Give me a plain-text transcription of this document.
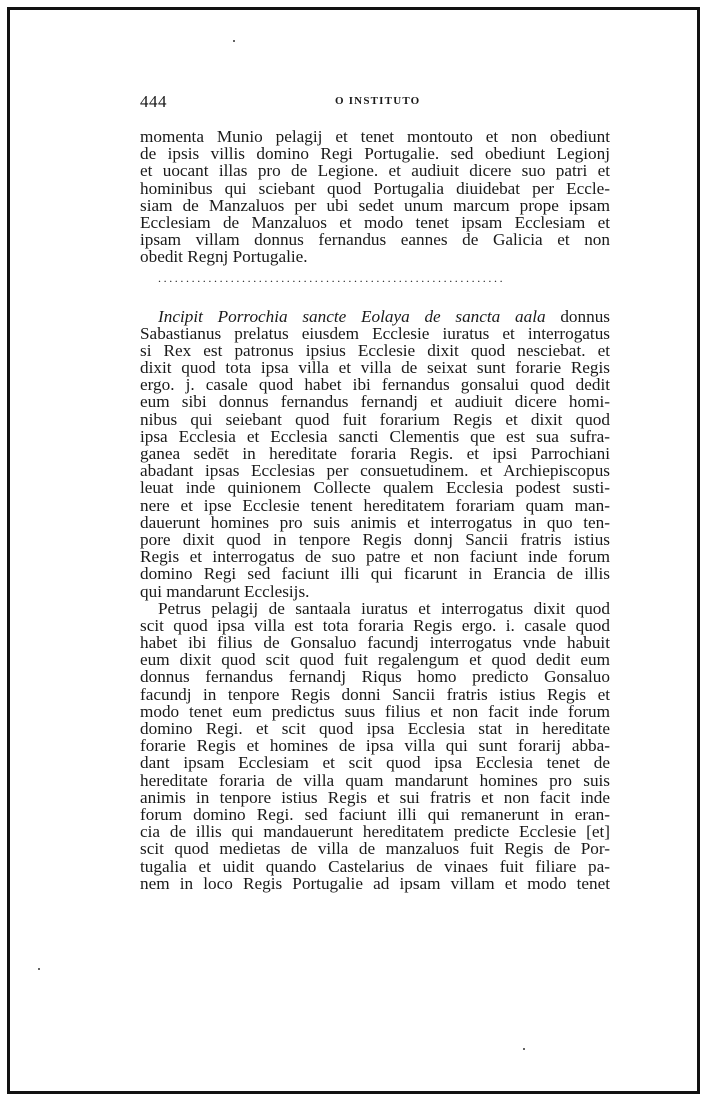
444	O INSTITUTO
momenta Munio pelagij et tenet montouto et non obediunt
de ipsis villis domino Regi Portugalie. sed obediunt Legionj
et uocant illas pro de Legione. et audiuit dicere suo patri et
hominibus qui sciebant quod Portugalia diuidebat per Eccle-
siam de Manzaluos per ubi sedet unum marcum prope ipsam
Ecclesiam de Manzaluos et modo tenet ipsam Ecclesiam et
ipsam villam donnus fernandus eannes de Galicia et non
obedit Regnj Portugalie.
..............................................................
Incipit Porrochia sancte Eolaya de sancta aala donnus
Sabastianus prelatus eiusdem Ecclesie iuratus et interrogatus
si Rex est patronus ipsius Ecclesie dixit quod nesciebat. et
dixit quod tota ipsa villa et villa de seixat sunt forarie Regis
ergo. j. casale quod habet ibi fernandus gonsalui quod dedit
eum sibi donnus fernandus fernandj et audiuit dicere homi-
nibus qui seiebant quod fuit forarium Regis et dixit quod
ipsa Ecclesia et Ecclesia sancti Clementis que est sua sufra-
ganea sedēt in hereditate foraria Regis. et ipsi Parrochiani
abadant ipsas Ecclesias per consuetudinem. et Archiepiscopus
leuat inde quinionem Collecte qualem Ecclesia podest susti-
nere et ipse Ecclesie tenent hereditatem forariam quam man-
dauerunt homines pro suis animis et interrogatus in quo ten-
pore dixit quod in tenpore Regis donnj Sancii fratris istius
Regis et interrogatus de suo patre et non faciunt inde forum
domino Regi sed faciunt illi qui ficarunt in Erancia de illis
qui mandarunt Ecclesijs.
Petrus pelagij de santaala iuratus et interrogatus dixit quod
scit quod ipsa villa est tota foraria Regis ergo. i. casale quod
habet ibi filius de Gonsaluo facundj interrogatus vnde habuit
eum dixit quod scit quod fuit regalengum et quod dedit eum
donnus fernandus fernandj Riqus homo predicto Gonsaluo
facundj in tenpore Regis donni Sancii fratris istius Regis et
modo tenet eum predictus suus filius et non facit inde forum
domino Regi. et scit quod ipsa Ecclesia stat in hereditate
forarie Regis et homines de ipsa villa qui sunt forarij abba-
dant ipsam Ecclesiam et scit quod ipsa Ecclesia tenet de
hereditate foraria de villa quam mandarunt homines pro suis
animis in tenpore istius Regis et sui fratris et non facit inde
forum domino Regi. sed faciunt illi qui remanerunt in eran-
cia de illis qui mandauerunt hereditatem predicte Ecclesie [et]
scit quod medietas de villa de manzaluos fuit Regis de Por-
tugalia et uidit quando Castelarius de vinaes fuit filiare pa-
nem in loco Regis Portugalie ad ipsam villam et modo tenet
